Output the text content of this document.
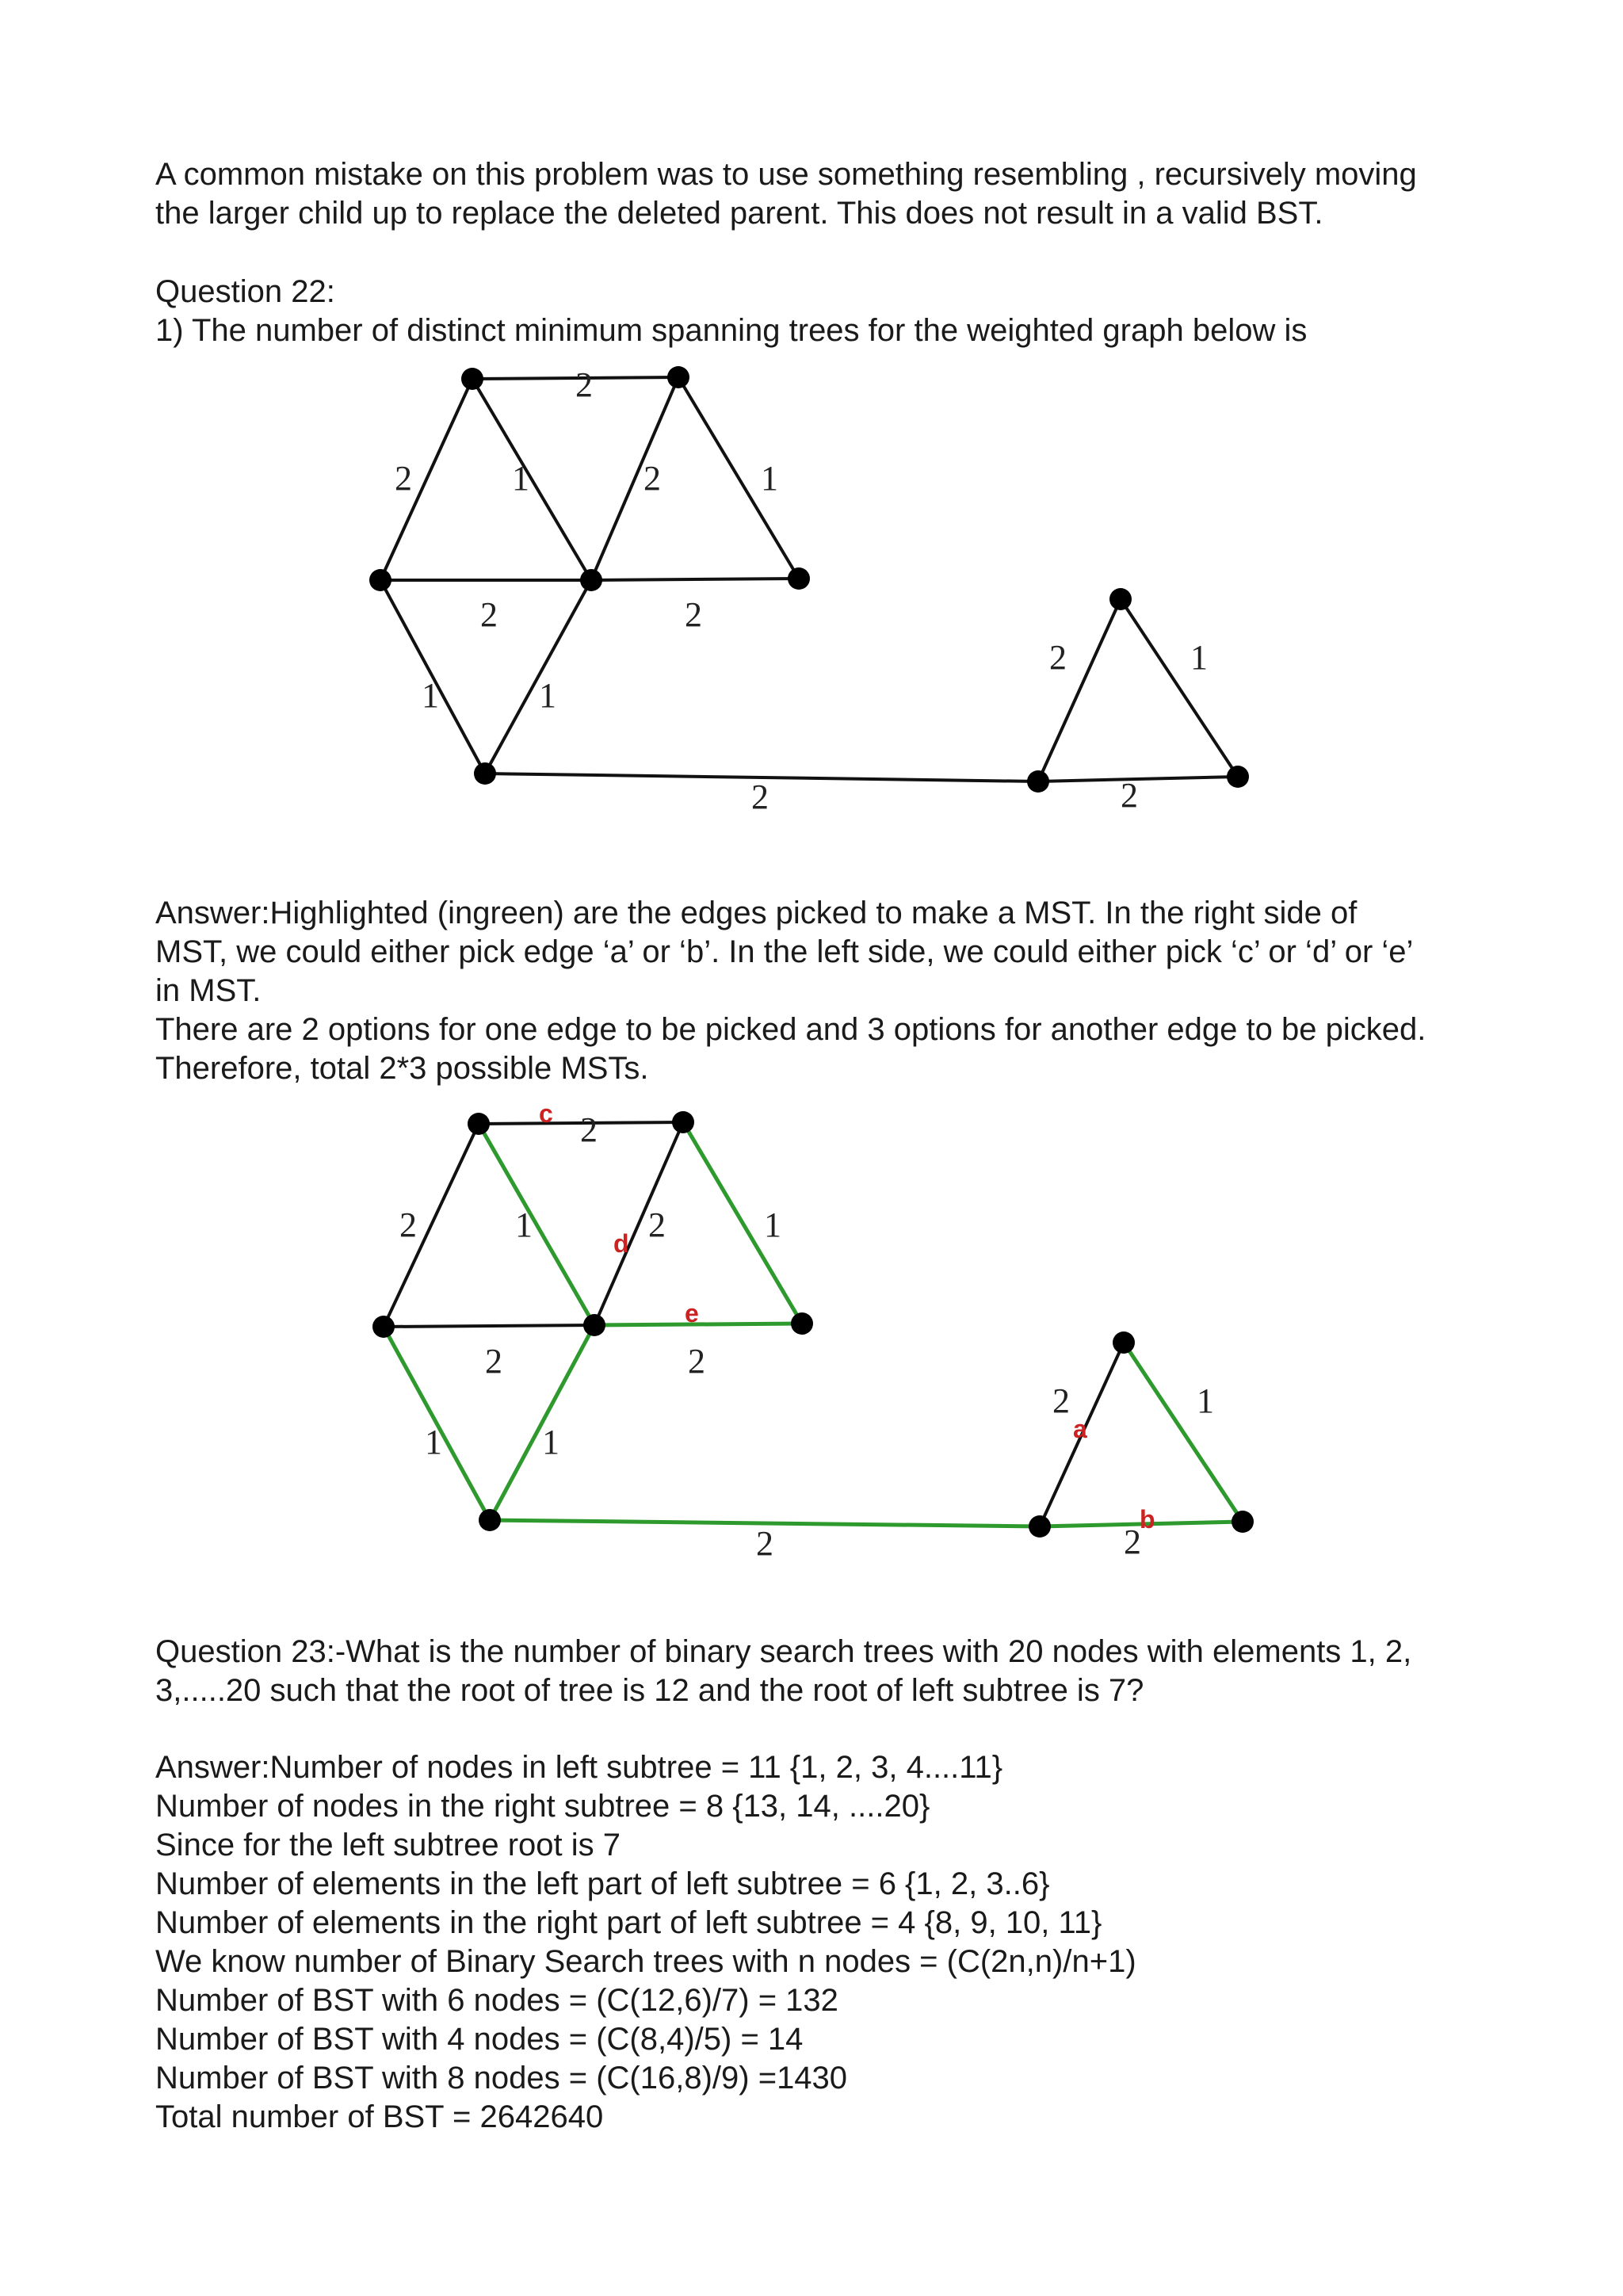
A common mistake on this problem was to use something resembling , recursively moving
the larger child up to replace the deleted parent. This does not result in a valid BST.
Question 22:
1) The number of distinct minimum spanning trees for the weighted graph below is
2
2	1	2	1
2	2
1	1
2
2	1
2
Answer:Highlighted (ingreen) are the edges picked to make a MST. In the right side of
MST, we could either pick edge ‘a’ or ‘b’. In the left side, we could either pick ‘c’ or ‘d’ or ‘e’
in MST.
There are 2 options for one edge to be picked and 3 options for another edge to be picked.
Therefore, total 2*3 possible MSTs.
2
2	1	2	1
2	2
1	1
2
2	1
2
c
d
e
a
b
Question 23:-What is the number of binary search trees with 20 nodes with elements 1, 2,
3,.....20 such that the root of tree is 12 and the root of left subtree is 7?
Answer:Number of nodes in left subtree = 11 {1, 2, 3, 4....11}
Number of nodes in the right subtree = 8 {13, 14, ....20}
Since for the left subtree root is 7
Number of elements in the left part of left subtree = 6 {1, 2, 3..6}
Number of elements in the right part of left subtree = 4 {8, 9, 10, 11}
We know number of Binary Search trees with n nodes = (C(2n,n)/n+1)
Number of BST with 6 nodes = (C(12,6)/7) = 132
Number of BST with 4 nodes = (C(8,4)/5) = 14
Number of BST with 8 nodes = (C(16,8)/9) =1430
Total number of BST = 2642640
